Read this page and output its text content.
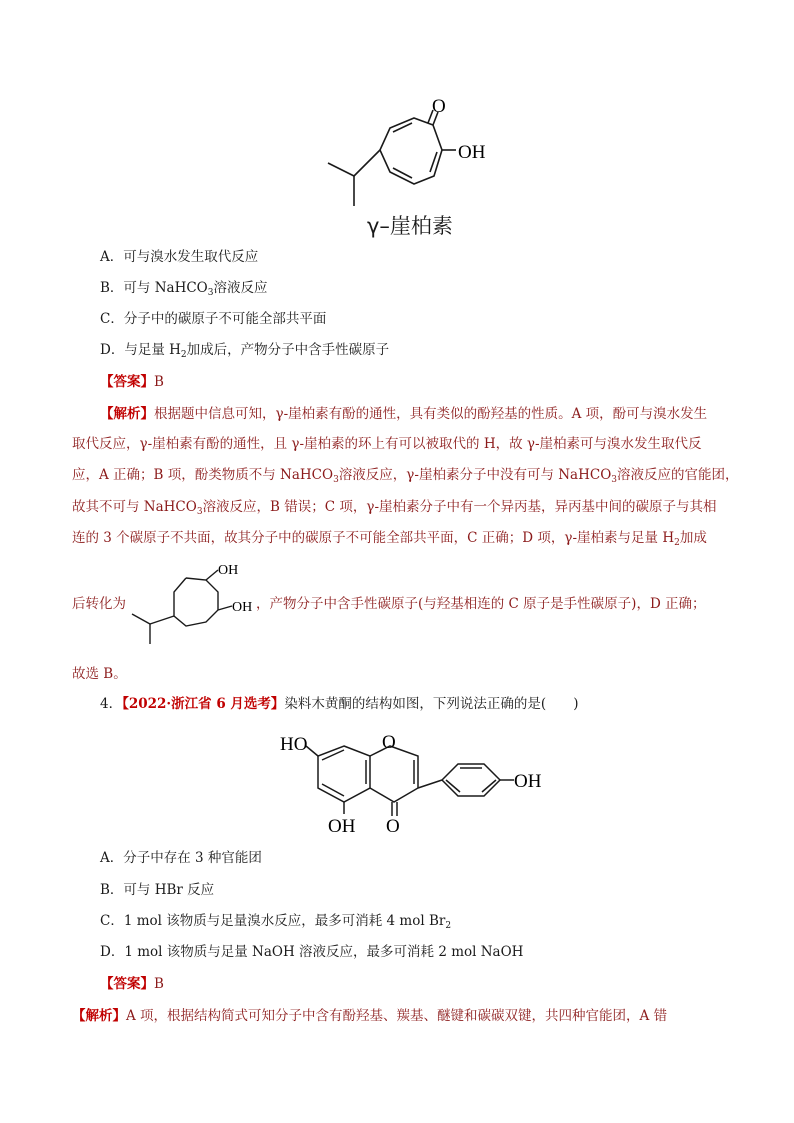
O
OH
γ–崖柏素
A．可与溴水发生取代反应
B．可与 NaHCO$_3$溶液反应
C．分子中的碳原子不可能全部共平面
D．与足量 $H_2$加成后，产物分子中含手性碳原子
【答案】B
【解析】根据题中信息可知，γ-崖柏素有酚的通性，具有类似的酚羟基的性质。A 项，酚可与溴水发生
取代反应，γ-崖柏素有酚的通性，且 γ-崖柏素的环上有可以被取代的 H，故 γ-崖柏素可与溴水发生取代反
应，A 正确；B 项，酚类物质不与 NaHCO$_3$溶液反应，γ-崖柏素分子中没有可与 NaHCO$_3$溶液反应的官能团，
故其不可与 NaHCO$_3$溶液反应，B 错误；C 项，γ-崖柏素分子中有一个异丙基，异丙基中间的碳原子与其相
连的 3 个碳原子不共面，故其分子中的碳原子不可能全部共平面，C 正确；D 项，γ-崖柏素与足量 $H_2$加成
后转化为
OH
OH ，产物分子中含手性碳原子(与羟基相连的 C 原子是手性碳原子)，D 正确；
故选 B。
4．【2022·浙江省 6 月选考】染料木黄酮的结构如图，下列说法正确的是(　　)
HO	O
OH
OH O
A．分子中存在 3 种官能团
B．可与 HBr 反应
C．1 mol 该物质与足量溴水反应，最多可消耗 4 mol $Br_2$
D．1 mol 该物质与足量 NaOH 溶液反应，最多可消耗 2 mol NaOH
【答案】B
【解析】A 项，根据结构简式可知分子中含有酚羟基、羰基、醚键和碳碳双键，共四种官能团，A 错
